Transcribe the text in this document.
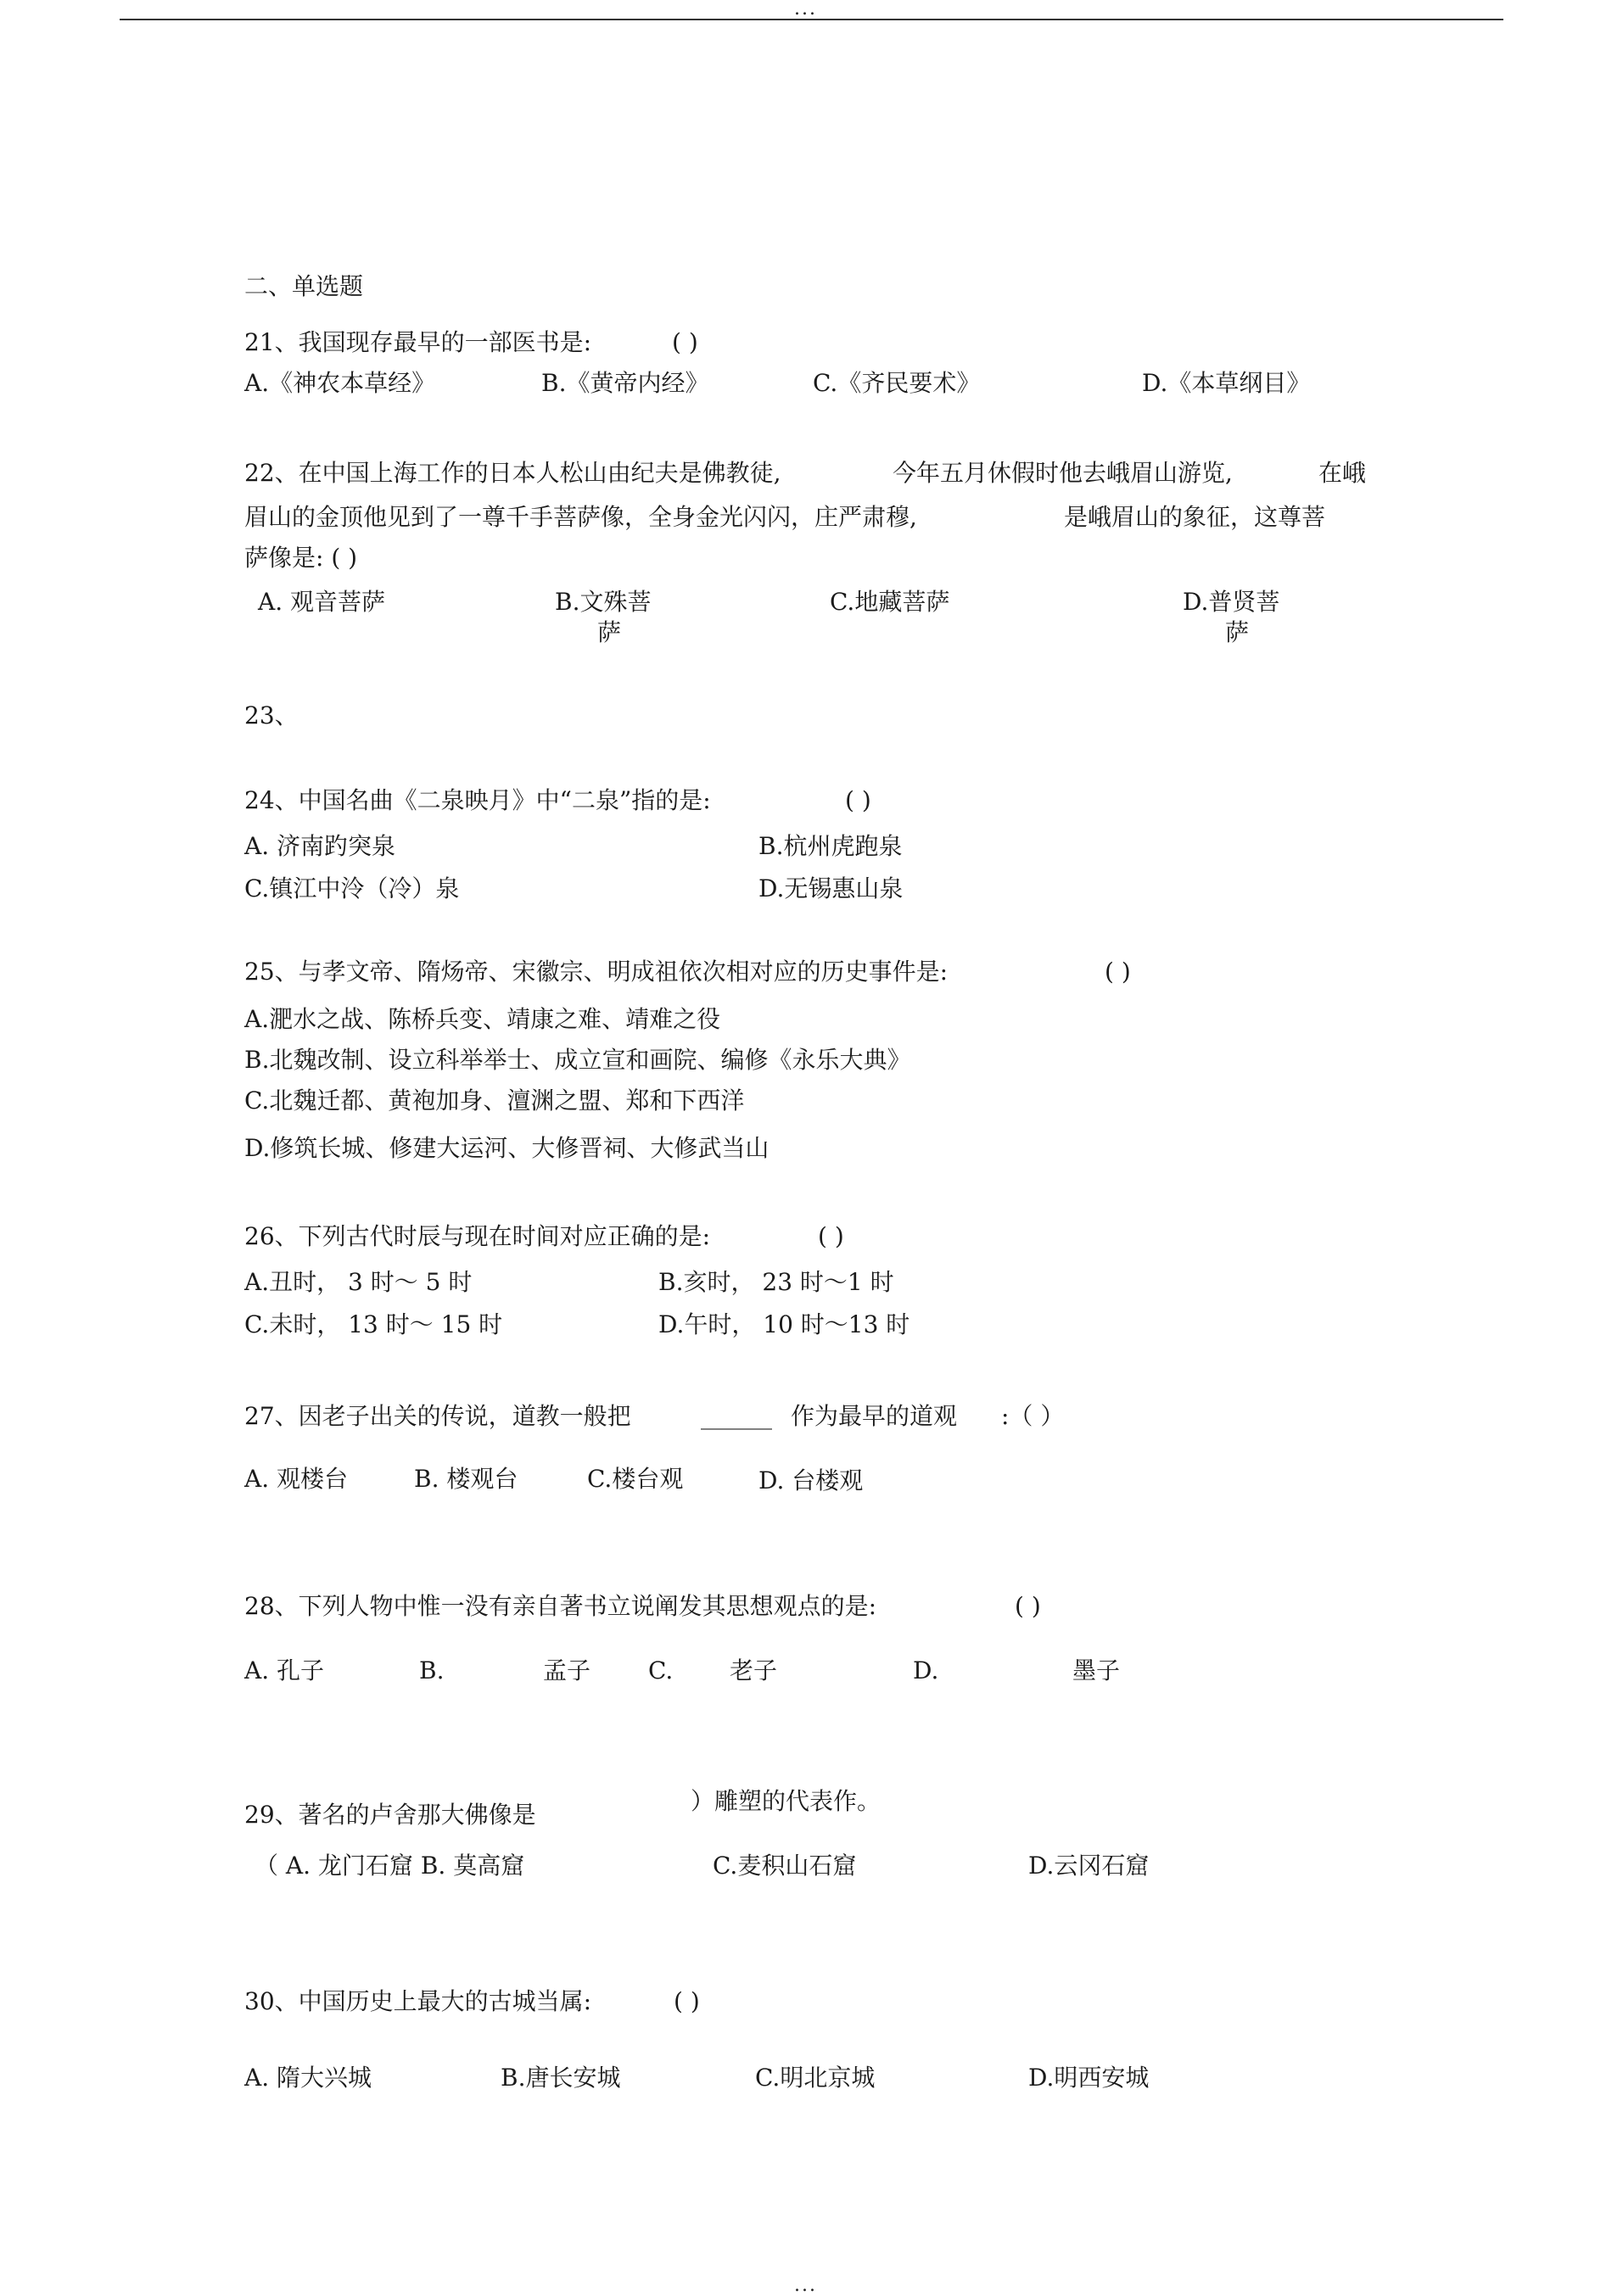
...
二、单选题
21、我国现存最早的一部医书是:	( )
A.《神农本草经》	B.《黄帝内经》	C.《齐民要术》	D.《本草纲目》
22、在中国上海工作的日本人松山由纪夫是佛教徒,	今年五月休假时他去峨眉山游览,	在峨
眉山的金顶他见到了一尊千手菩萨像，全身金光闪闪，庄严肃穆,	是峨眉山的象征，这尊菩
萨像是: ( )
A. 观音菩萨	B.文殊菩
萨
C.地藏菩萨	D.普贤菩
萨
23、
24、中国名曲《二泉映月》中“二泉”指的是:	( )
A. 济南趵突泉	B.杭州虎跑泉
C.镇江中泠（冷）泉	D.无锡惠山泉
25、与孝文帝、隋炀帝、宋徽宗、明成祖依次相对应的历史事件是:	( )
A.淝水之战、陈桥兵变、靖康之难、靖难之役
B.北魏改制、设立科举举士、成立宣和画院、编修《永乐大典》
C.北魏迁都、黄袍加身、澶渊之盟、郑和下西洋
D.修筑长城、修建大运河、大修晋祠、大修武当山
26、下列古代时辰与现在时间对应正确的是:	( )
A.丑时， 3 时～ 5 时	B.亥时， 23 时～1 时
C.未时， 13 时～ 15 时	D.午时， 10 时～13 时
27、因老子出关的传说，道教一般把	______ 作为最早的道观 :（ ）
A. 观楼台	B. 楼观台	C.楼台观	D. 台楼观
28、下列人物中惟一没有亲自著书立说阐发其思想观点的是:	( )
A. 孔子	B.	孟子 C. 老子	D.	墨子
）雕塑的代表作。
29、著名的卢舍那大佛像是
（ A. 龙门石窟 B. 莫高窟	C.麦积山石窟	D.云冈石窟
30、中国历史上最大的古城当属:	( )
A. 隋大兴城	B.唐长安城	C.明北京城	D.明西安城
...
